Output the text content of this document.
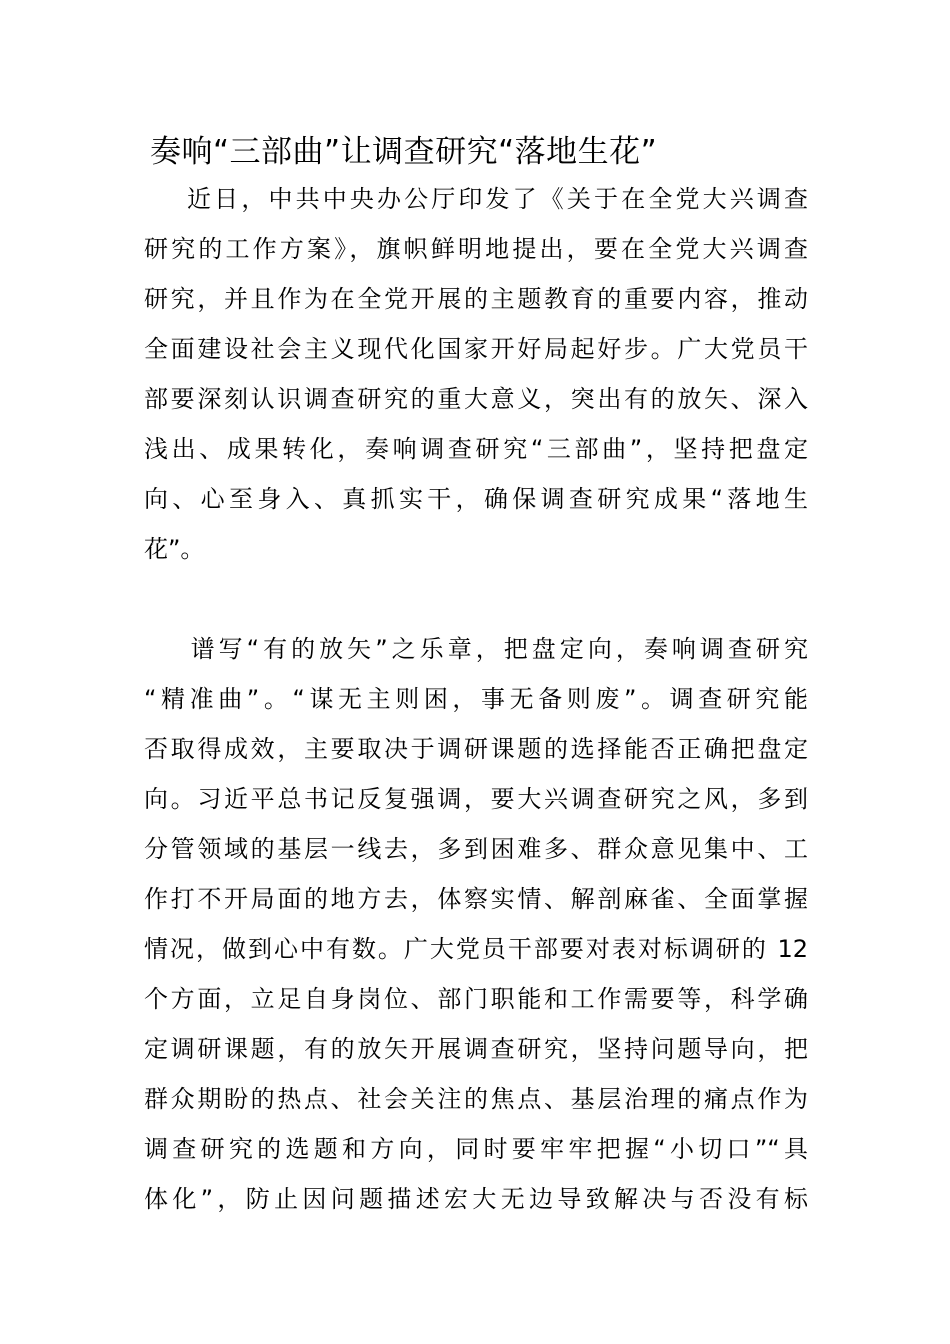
奏响“三部曲”让调查研究“落地生花”
近日，中共中央办公厅印发了《关于在全党大兴调查
研究的工作方案》，旗帜鲜明地提出，要在全党大兴调查
研究，并且作为在全党开展的主题教育的重要内容，推动
全面建设社会主义现代化国家开好局起好步。广大党员干
部要深刻认识调查研究的重大意义，突出有的放矢、深入
浅出、成果转化，奏响调查研究“三部曲”，坚持把盘定
向、心至身入、真抓实干，确保调查研究成果“落地生
花”。
谱写“有的放矢”之乐章，把盘定向，奏响调查研究
“精准曲”。“谋无主则困，事无备则废”。调查研究能
否取得成效，主要取决于调研课题的选择能否正确把盘定
向。习近平总书记反复强调，要大兴调查研究之风，多到
分管领域的基层一线去，多到困难多、群众意见集中、工
作打不开局面的地方去，体察实情、解剖麻雀、全面掌握
情况，做到心中有数。广大党员干部要对表对标调研的 12
个方面，立足自身岗位、部门职能和工作需要等，科学确
定调研课题，有的放矢开展调查研究，坚持问题导向，把
群众期盼的热点、社会关注的焦点、基层治理的痛点作为
调查研究的选题和方向，同时要牢牢把握“小切口”“具
体化”，防止因问题描述宏大无边导致解决与否没有标
